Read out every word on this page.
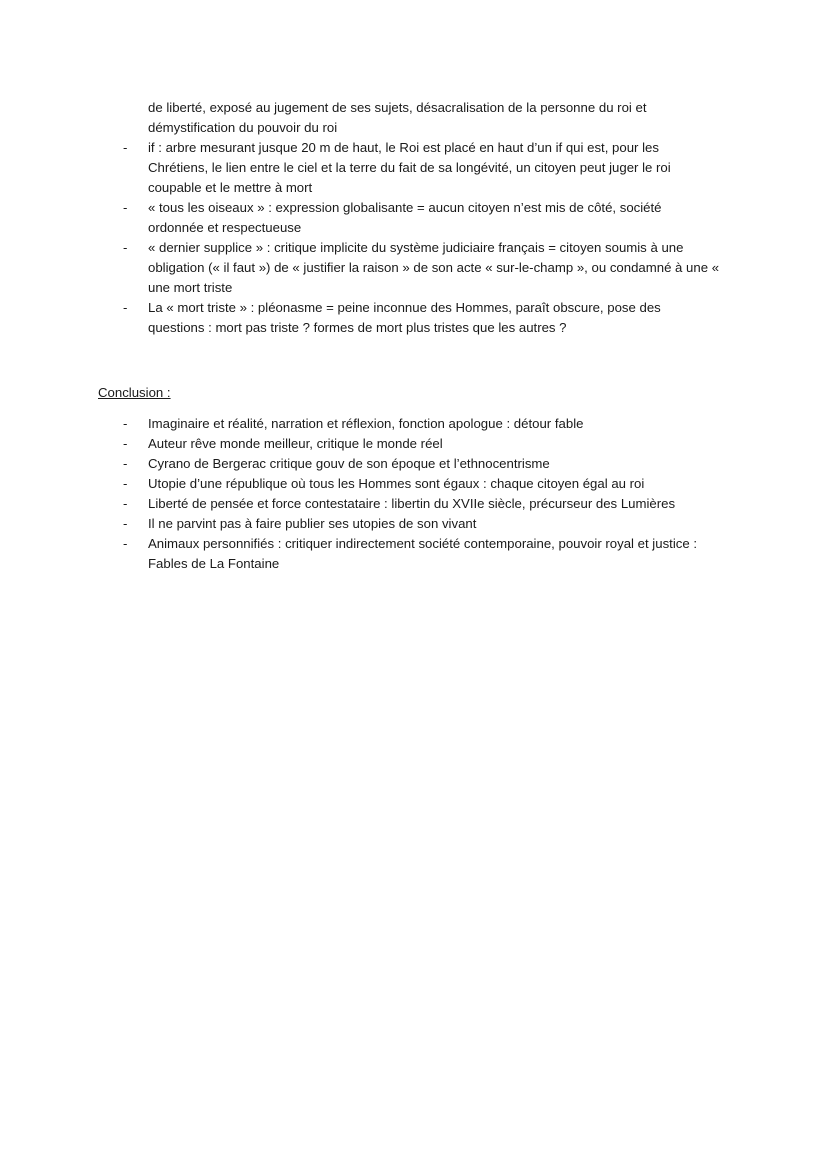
de liberté, exposé au jugement de ses sujets, désacralisation de la personne du roi et
démystification du pouvoir du roi
- if : arbre mesurant jusque 20 m de haut, le Roi est placé en haut d’un if qui est, pour les Chrétiens, le lien entre le ciel et la terre du fait de sa longévité, un citoyen peut juger le roi coupable et le mettre à mort
- « tous les oiseaux » : expression globalisante = aucun citoyen n’est mis de côté, société ordonnée et respectueuse
- « dernier supplice » : critique implicite du système judiciaire français = citoyen soumis à une obligation (« il faut ») de « justifier la raison » de son acte « sur-le-champ », ou condamné à une « une mort triste
- La « mort triste » : pléonasme = peine inconnue des Hommes, paraît obscure, pose des questions : mort pas triste ? formes de mort plus tristes que les autres ?
Conclusion :
- Imaginaire et réalité, narration et réflexion, fonction apologue : détour fable
- Auteur rêve monde meilleur, critique le monde réel
- Cyrano de Bergerac critique gouv de son époque et l’ethnocentrisme
- Utopie d’une république où tous les Hommes sont égaux : chaque citoyen égal au roi
- Liberté de pensée et force contestataire : libertin du XVIIe siècle, précurseur des Lumières
- Il ne parvint pas à faire publier ses utopies de son vivant
- Animaux personnifiés : critiquer indirectement société contemporaine, pouvoir royal et justice : Fables de La Fontaine
